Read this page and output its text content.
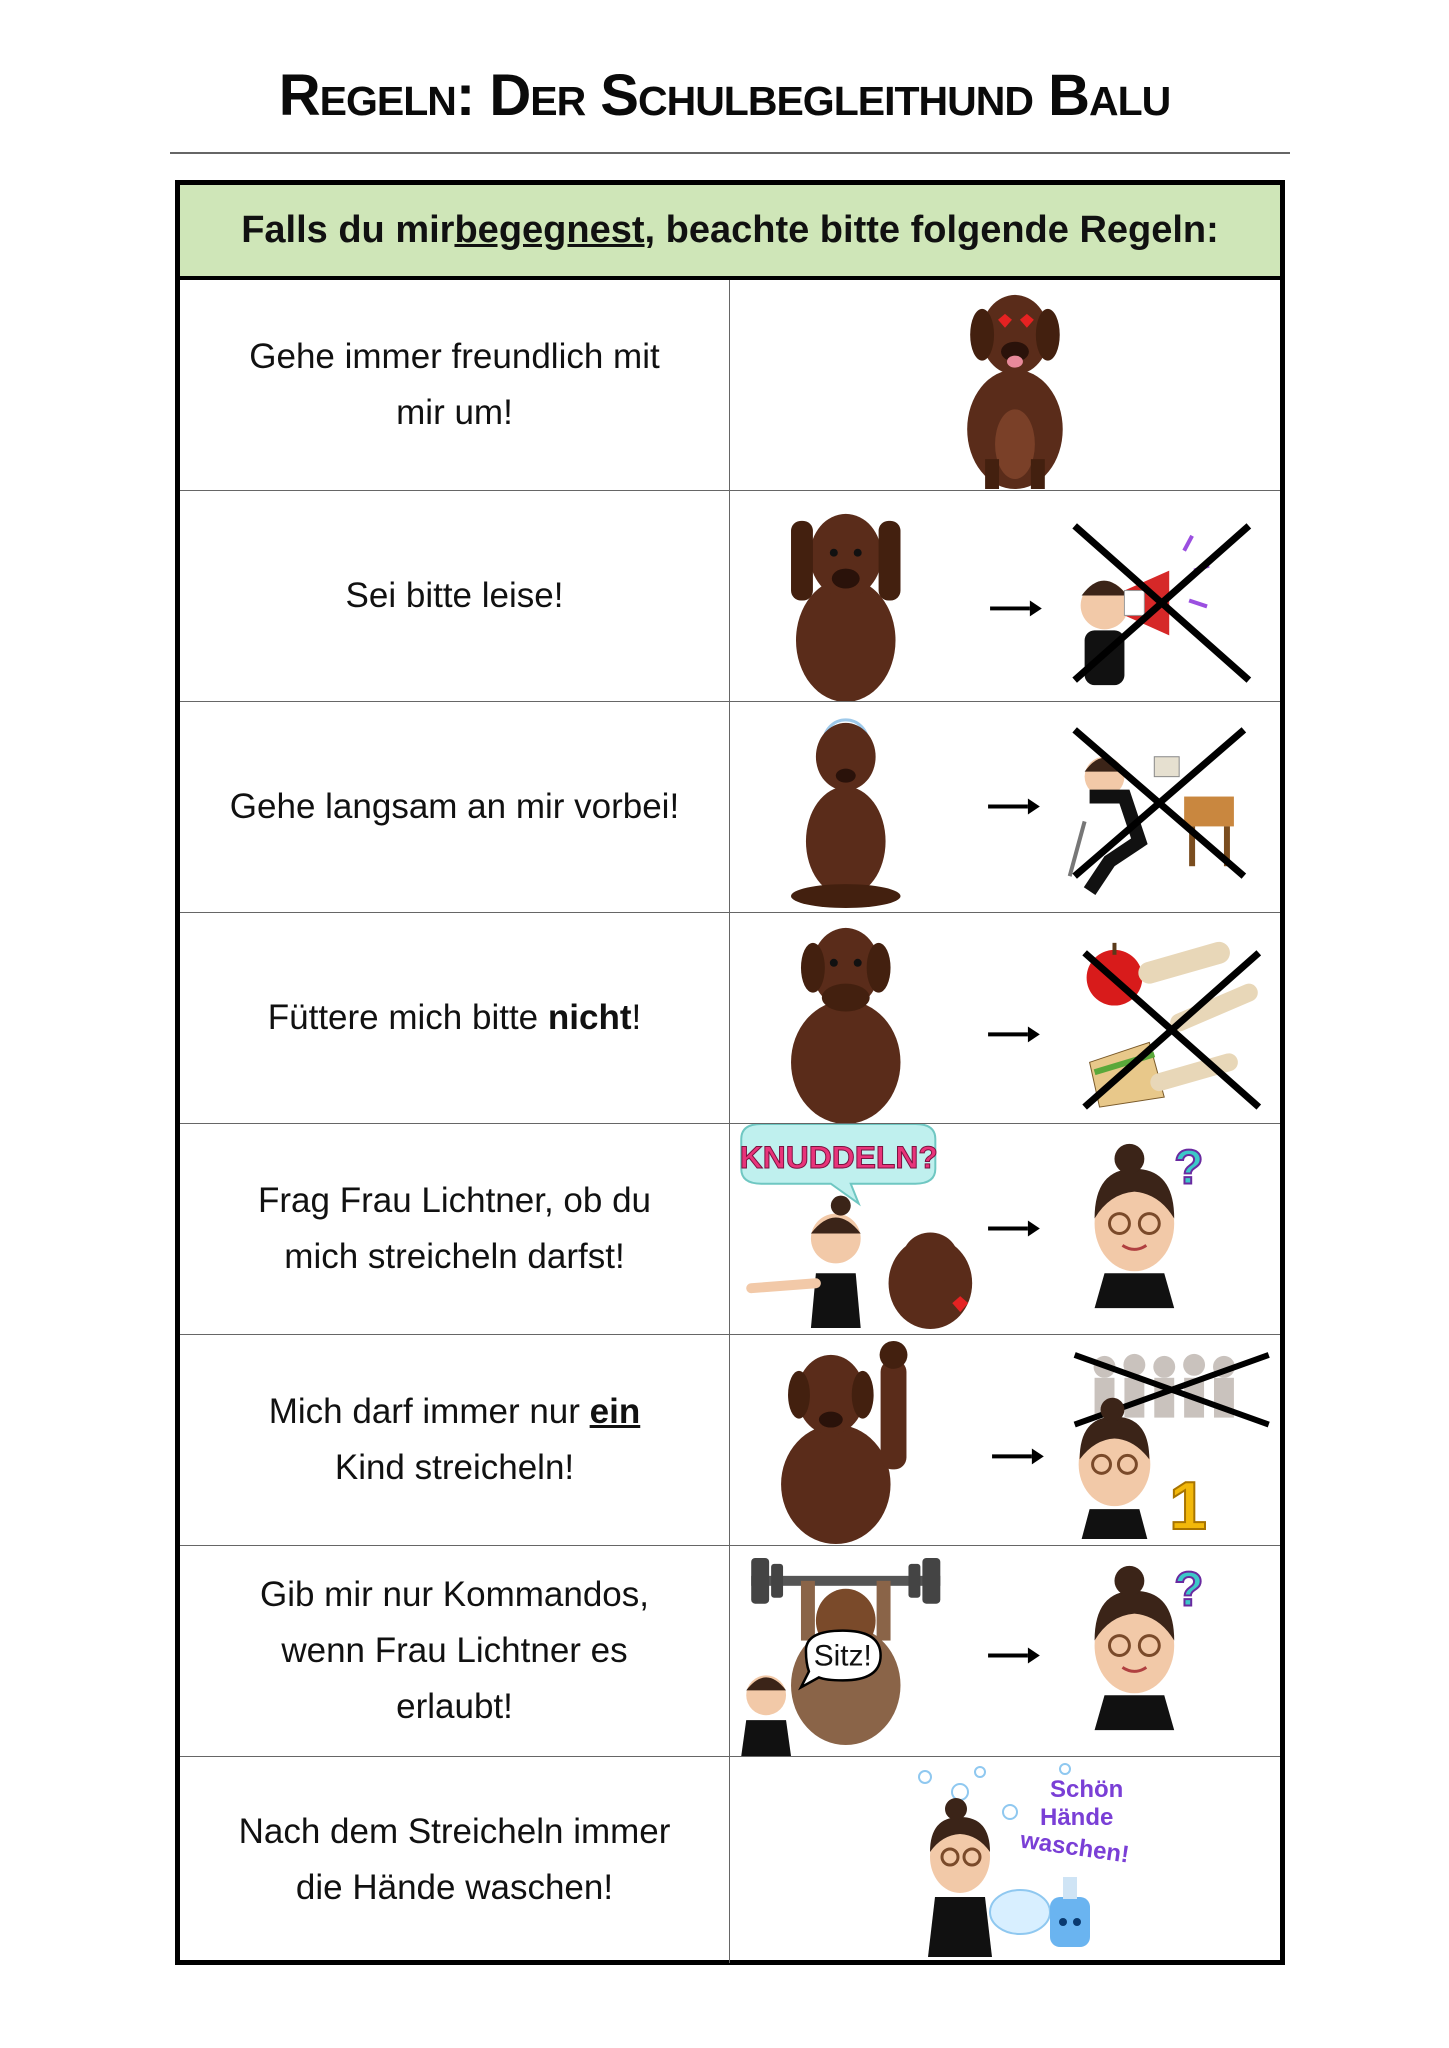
Regeln: Der Schulbegleithund Balu
Falls du mir begegnest , beachte bitte folgende Regeln:
Gehe immer freundlich mit
mir um!
Sei bitte leise!
Gehe langsam an mir vorbei!
Füttere mich bitte nicht!
Frag Frau Lichtner, ob du
mich streicheln darfst!
KNUDDELN?	?
Mich darf immer nur ein
Kind streicheln!
1
Gib mir nur Kommandos,
wenn Frau Lichtner es
erlaubt!
Sitz!
?
Nach dem Streicheln immer
die Hände waschen!
Schön
Hände
waschen!
